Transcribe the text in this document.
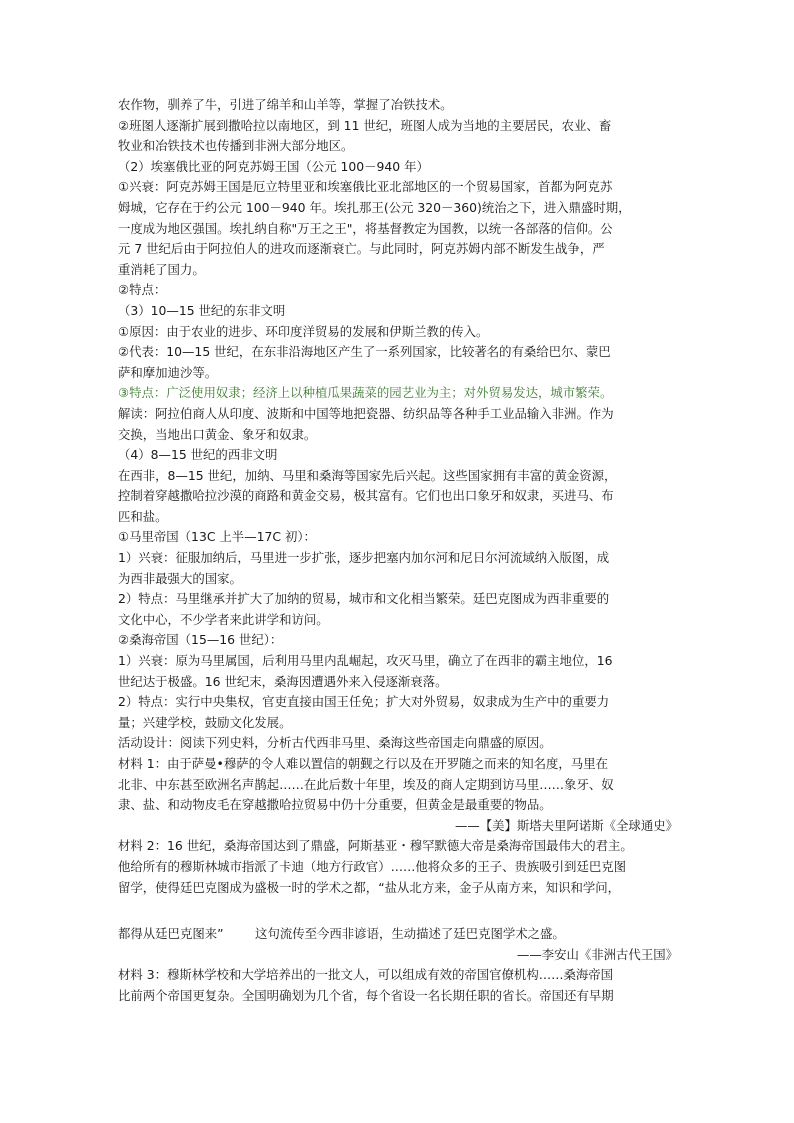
农作物，驯养了牛，引进了绵羊和山羊等，掌握了冶铁技术。
②班图人逐渐扩展到撒哈拉以南地区，到 11 世纪，班图人成为当地的主要居民，农业、畜
牧业和冶铁技术也传播到非洲大部分地区。
（2）埃塞俄比亚的阿克苏姆王国（公元 100－940 年）
①兴衰：阿克苏姆王国是厄立特里亚和埃塞俄比亚北部地区的一个贸易国家，首都为阿克苏
姆城，它存在于约公元 100－940 年。埃扎那王(公元 320－360)统治之下，进入鼎盛时期，
一度成为地区强国。埃扎纳自称"万王之王"，将基督教定为国教，以统一各部落的信仰。公
元 7 世纪后由于阿拉伯人的进攻而逐渐衰亡。与此同时，阿克苏姆内部不断发生战争，严
重消耗了国力。
②特点：
（3）10—15 世纪的东非文明
①原因：由于农业的进步、环印度洋贸易的发展和伊斯兰教的传入。
②代表：10—15 世纪，在东非沿海地区产生了一系列国家，比较著名的有桑给巴尔、蒙巴
萨和摩加迪沙等。
③特点：广泛使用奴隶；经济上以种植瓜果蔬菜的园艺业为主；对外贸易发达，城市繁荣。
解读：阿拉伯商人从印度、波斯和中国等地把瓷器、纺织品等各种手工业品输入非洲。作为
交换，当地出口黄金、象牙和奴隶。
（4）8—15 世纪的西非文明
在西非，8—15 世纪，加纳、马里和桑海等国家先后兴起。这些国家拥有丰富的黄金资源，
控制着穿越撒哈拉沙漠的商路和黄金交易，极其富有。它们也出口象牙和奴隶，买进马、布
匹和盐。
①马里帝国（13C 上半—17C 初）：
1）兴衰：征服加纳后，马里进一步扩张，逐步把塞内加尔河和尼日尔河流域纳入版图，成
为西非最强大的国家。
2）特点：马里继承并扩大了加纳的贸易，城市和文化相当繁荣。廷巴克图成为西非重要的
文化中心，不少学者来此讲学和访问。
②桑海帝国（15—16 世纪）：
1）兴衰：原为马里属国，后利用马里内乱崛起，攻灭马里，确立了在西非的霸主地位，16
世纪达于极盛。16 世纪末，桑海因遭遇外来入侵逐渐衰落。
2）特点：实行中央集权，官吏直接由国王任免；扩大对外贸易，奴隶成为生产中的重要力
量；兴建学校，鼓励文化发展。
活动设计：阅读下列史料，分析古代西非马里、桑海这些帝国走向鼎盛的原因。
材料 1：由于萨曼•穆萨的令人难以置信的朝觐之行以及在开罗随之而来的知名度，马里在
北非、中东甚至欧洲名声鹊起……在此后数十年里，埃及的商人定期到访马里……象牙、奴
隶、盐、和动物皮毛在穿越撒哈拉贸易中仍十分重要，但黄金是最重要的物品。
——【美】斯塔夫里阿诺斯《全球通史》
材料 2：16 世纪，桑海帝国达到了鼎盛，阿斯基亚・穆罕默德大帝是桑海帝国最伟大的君主。
他给所有的穆斯林城市指派了卡迪（地方行政官）……他将众多的王子、贵族吸引到廷巴克图
留学，使得廷巴克图成为盛极一时的学术之都，“盐从北方来，金子从南方来，知识和学问，
都得从廷巴克图来”        这句流传至今西非谚语，生动描述了廷巴克图学术之盛。
——李安山《非洲古代王国》
材料 3：穆斯林学校和大学培养出的一批文人，可以组成有效的帝国官僚机构……桑海帝国
比前两个帝国更复杂。全国明确划为几个省，每个省设一名长期任职的省长。帝国还有早期
